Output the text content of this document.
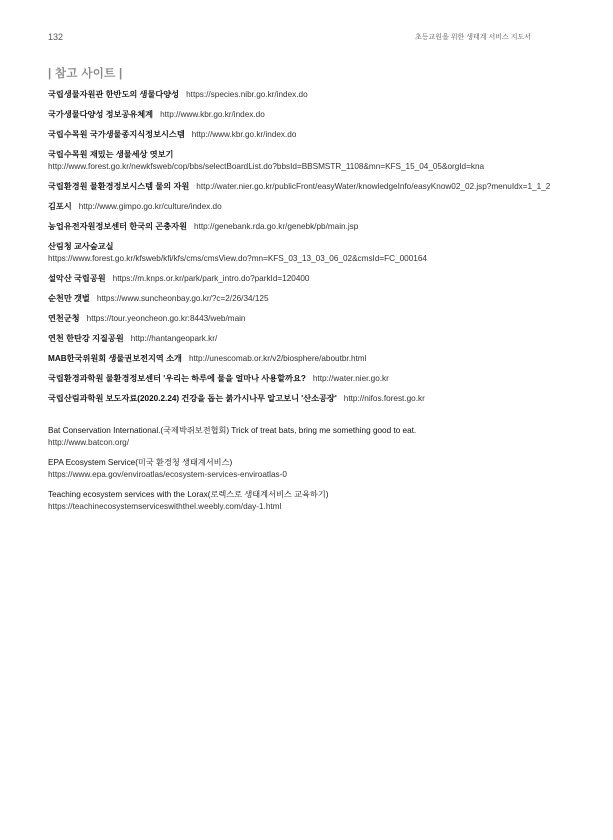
132	초등교원을 위한 생태계 서비스 지도서
| 참고 사이트 |
국립생물자원관 한반도의 생물다양성 https://species.nibr.go.kr/index.do
국가생물다양성 정보공유체계 http://www.kbr.go.kr/index.do
국립수목원 국가생물종지식정보시스템 http://www.kbr.go.kr/index.do
국립수목원 재밌는 생물세상 엿보기
http://www.forest.go.kr/newkfsweb/cop/bbs/selectBoardList.do?bbsId=BBSMSTR_1108&mn=KFS_15_04_05&orgId=kna
국립환경원 물환경정보시스템 물의 자원 http://water.nier.go.kr/publicFront/easyWater/knowledgeInfo/easyKnow02_02.jsp?menuIdx=1_1_2
김포시 http://www.gimpo.go.kr/culture/index.do
농업유전자원정보센터 한국의 곤충자원 http://genebank.rda.go.kr/genebk/pb/main.jsp
산림청 교사숲교실
https://www.forest.go.kr/kfsweb/kfi/kfs/cms/cmsView.do?mn=KFS_03_13_03_06_02&cmsId=FC_000164
설악산 국립공원 https://m.knps.or.kr/park/park_intro.do?parkId=120400
순천만 갯벌 https://www.suncheonbay.go.kr/?c=2/26/34/125
연천군청 https://tour.yeoncheon.go.kr:8443/web/main
연천 한탄강 지질공원 http://hantangeopark.kr/
MAB한국위원회 생물권보전지역 소개 http://unescomab.or.kr/v2/biosphere/aboutbr.html
국립환경과학원 물환경정보센터 '우리는 하루에 물을 얼마나 사용할까요? http://water.nier.go.kr
국립산림과학원 보도자료(2020.2.24) 건강을 돕는 붉가시나무 알고보니 '산소공장' http://nifos.forest.go.kr
Bat Conservation International.(국제박쥐보전협회) Trick of treat bats, bring me something good to eat.
http://www.batcon.org/
EPA Ecosystem Service(미국 환경청 생태계서비스)
https://www.epa.gov/enviroatlas/ecosystem-services-enviroatlas-0
Teaching ecosystem services with the Lorax(로렉스로 생태계서비스 교육하기)
https://teachinecosystemserviceswiththel.weebly.com/day-1.html
